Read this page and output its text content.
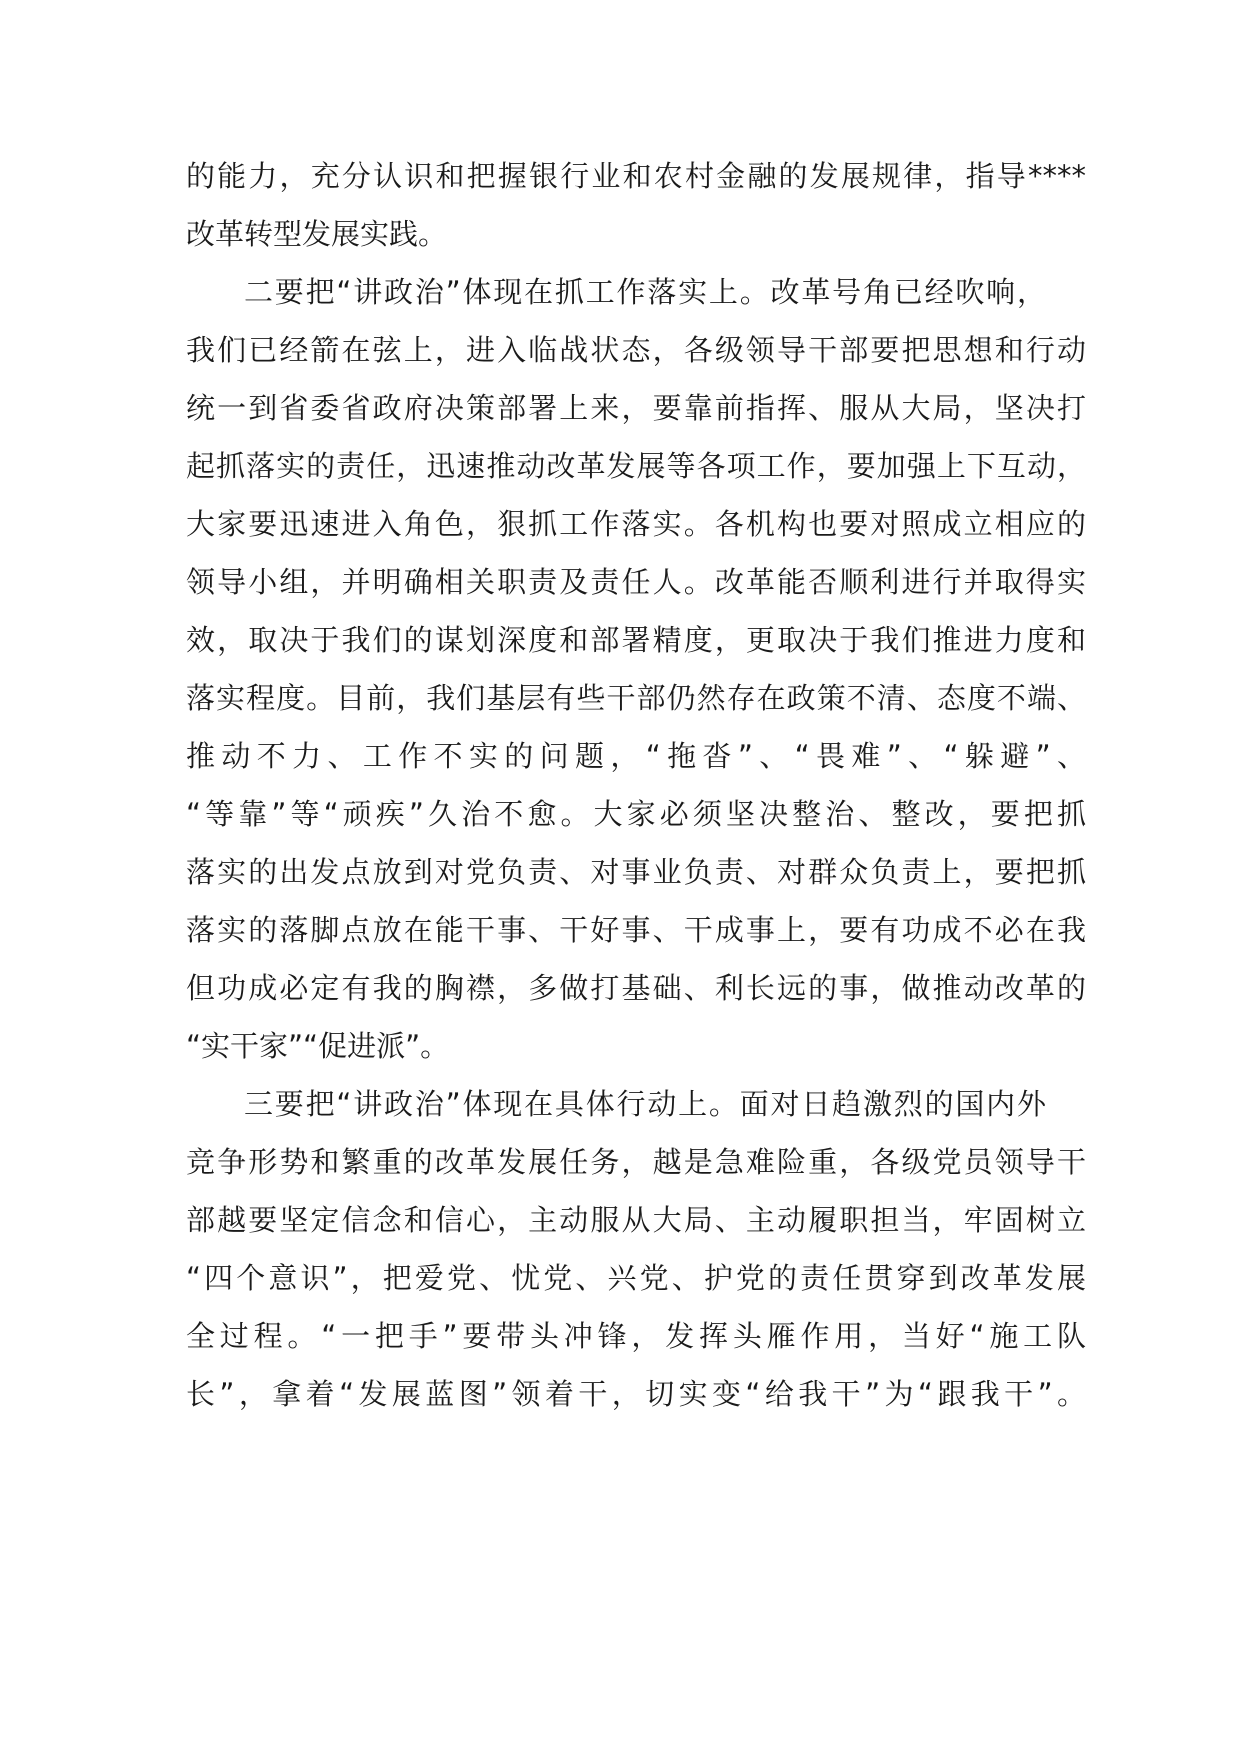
的能力，充分认识和把握银行业和农村金融的发展规律，指导****
改革转型发展实践。
二要把“讲政治”体现在抓工作落实上。改革号角已经吹响，
我们已经箭在弦上，进入临战状态，各级领导干部要把思想和行动
统一到省委省政府决策部署上来，要靠前指挥、服从大局，坚决打
起抓落实的责任，迅速推动改革发展等各项工作，要加强上下互动，
大家要迅速进入角色，狠抓工作落实。各机构也要对照成立相应的
领导小组，并明确相关职责及责任人。改革能否顺利进行并取得实
效，取决于我们的谋划深度和部署精度，更取决于我们推进力度和
落实程度。目前，我们基层有些干部仍然存在政策不清、态度不端、
推动不力、工作不实的问题，“拖沓”、“畏难”、“躲避”、
“等靠”等“顽疾”久治不愈。大家必须坚决整治、整改，要把抓
落实的出发点放到对党负责、对事业负责、对群众负责上，要把抓
落实的落脚点放在能干事、干好事、干成事上，要有功成不必在我
但功成必定有我的胸襟，多做打基础、利长远的事，做推动改革的
“实干家”“促进派”。
三要把“讲政治”体现在具体行动上。面对日趋激烈的国内外
竞争形势和繁重的改革发展任务，越是急难险重，各级党员领导干
部越要坚定信念和信心，主动服从大局、主动履职担当，牢固树立
“四个意识”，把爱党、忧党、兴党、护党的责任贯穿到改革发展
全过程。“一把手”要带头冲锋，发挥头雁作用，当好“施工队
长”，拿着“发展蓝图”领着干，切实变“给我干”为“跟我干”。
